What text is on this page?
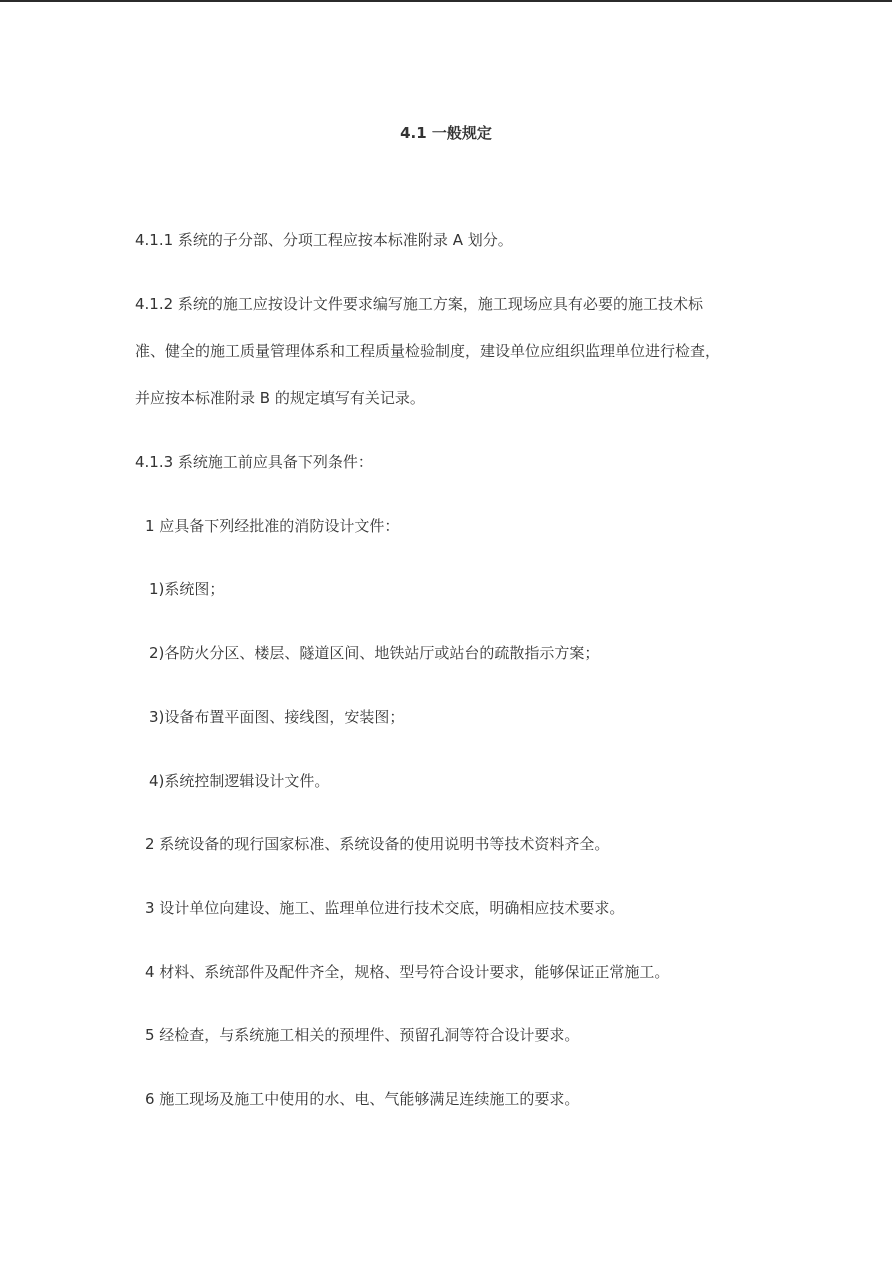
4.1 一般规定
4.1.1 系统的子分部、分项工程应按本标准附录 A 划分。
4.1.2 系统的施工应按设计文件要求编写施工方案，施工现场应具有必要的施工技术标
准、健全的施工质量管理体系和工程质量检验制度，建设单位应组织监理单位进行检查，
并应按本标准附录 B 的规定填写有关记录。
4.1.3 系统施工前应具备下列条件：
1 应具备下列经批准的消防设计文件：
1)系统图；
2)各防火分区、楼层、隧道区间、地铁站厅或站台的疏散指示方案；
3)设备布置平面图、接线图，安装图；
4)系统控制逻辑设计文件。
2 系统设备的现行国家标准、系统设备的使用说明书等技术资料齐全。
3 设计单位向建设、施工、监理单位进行技术交底，明确相应技术要求。
4 材料、系统部件及配件齐全，规格、型号符合设计要求，能够保证正常施工。
5 经检查，与系统施工相关的预埋件、预留孔洞等符合设计要求。
6 施工现场及施工中使用的水、电、气能够满足连续施工的要求。
